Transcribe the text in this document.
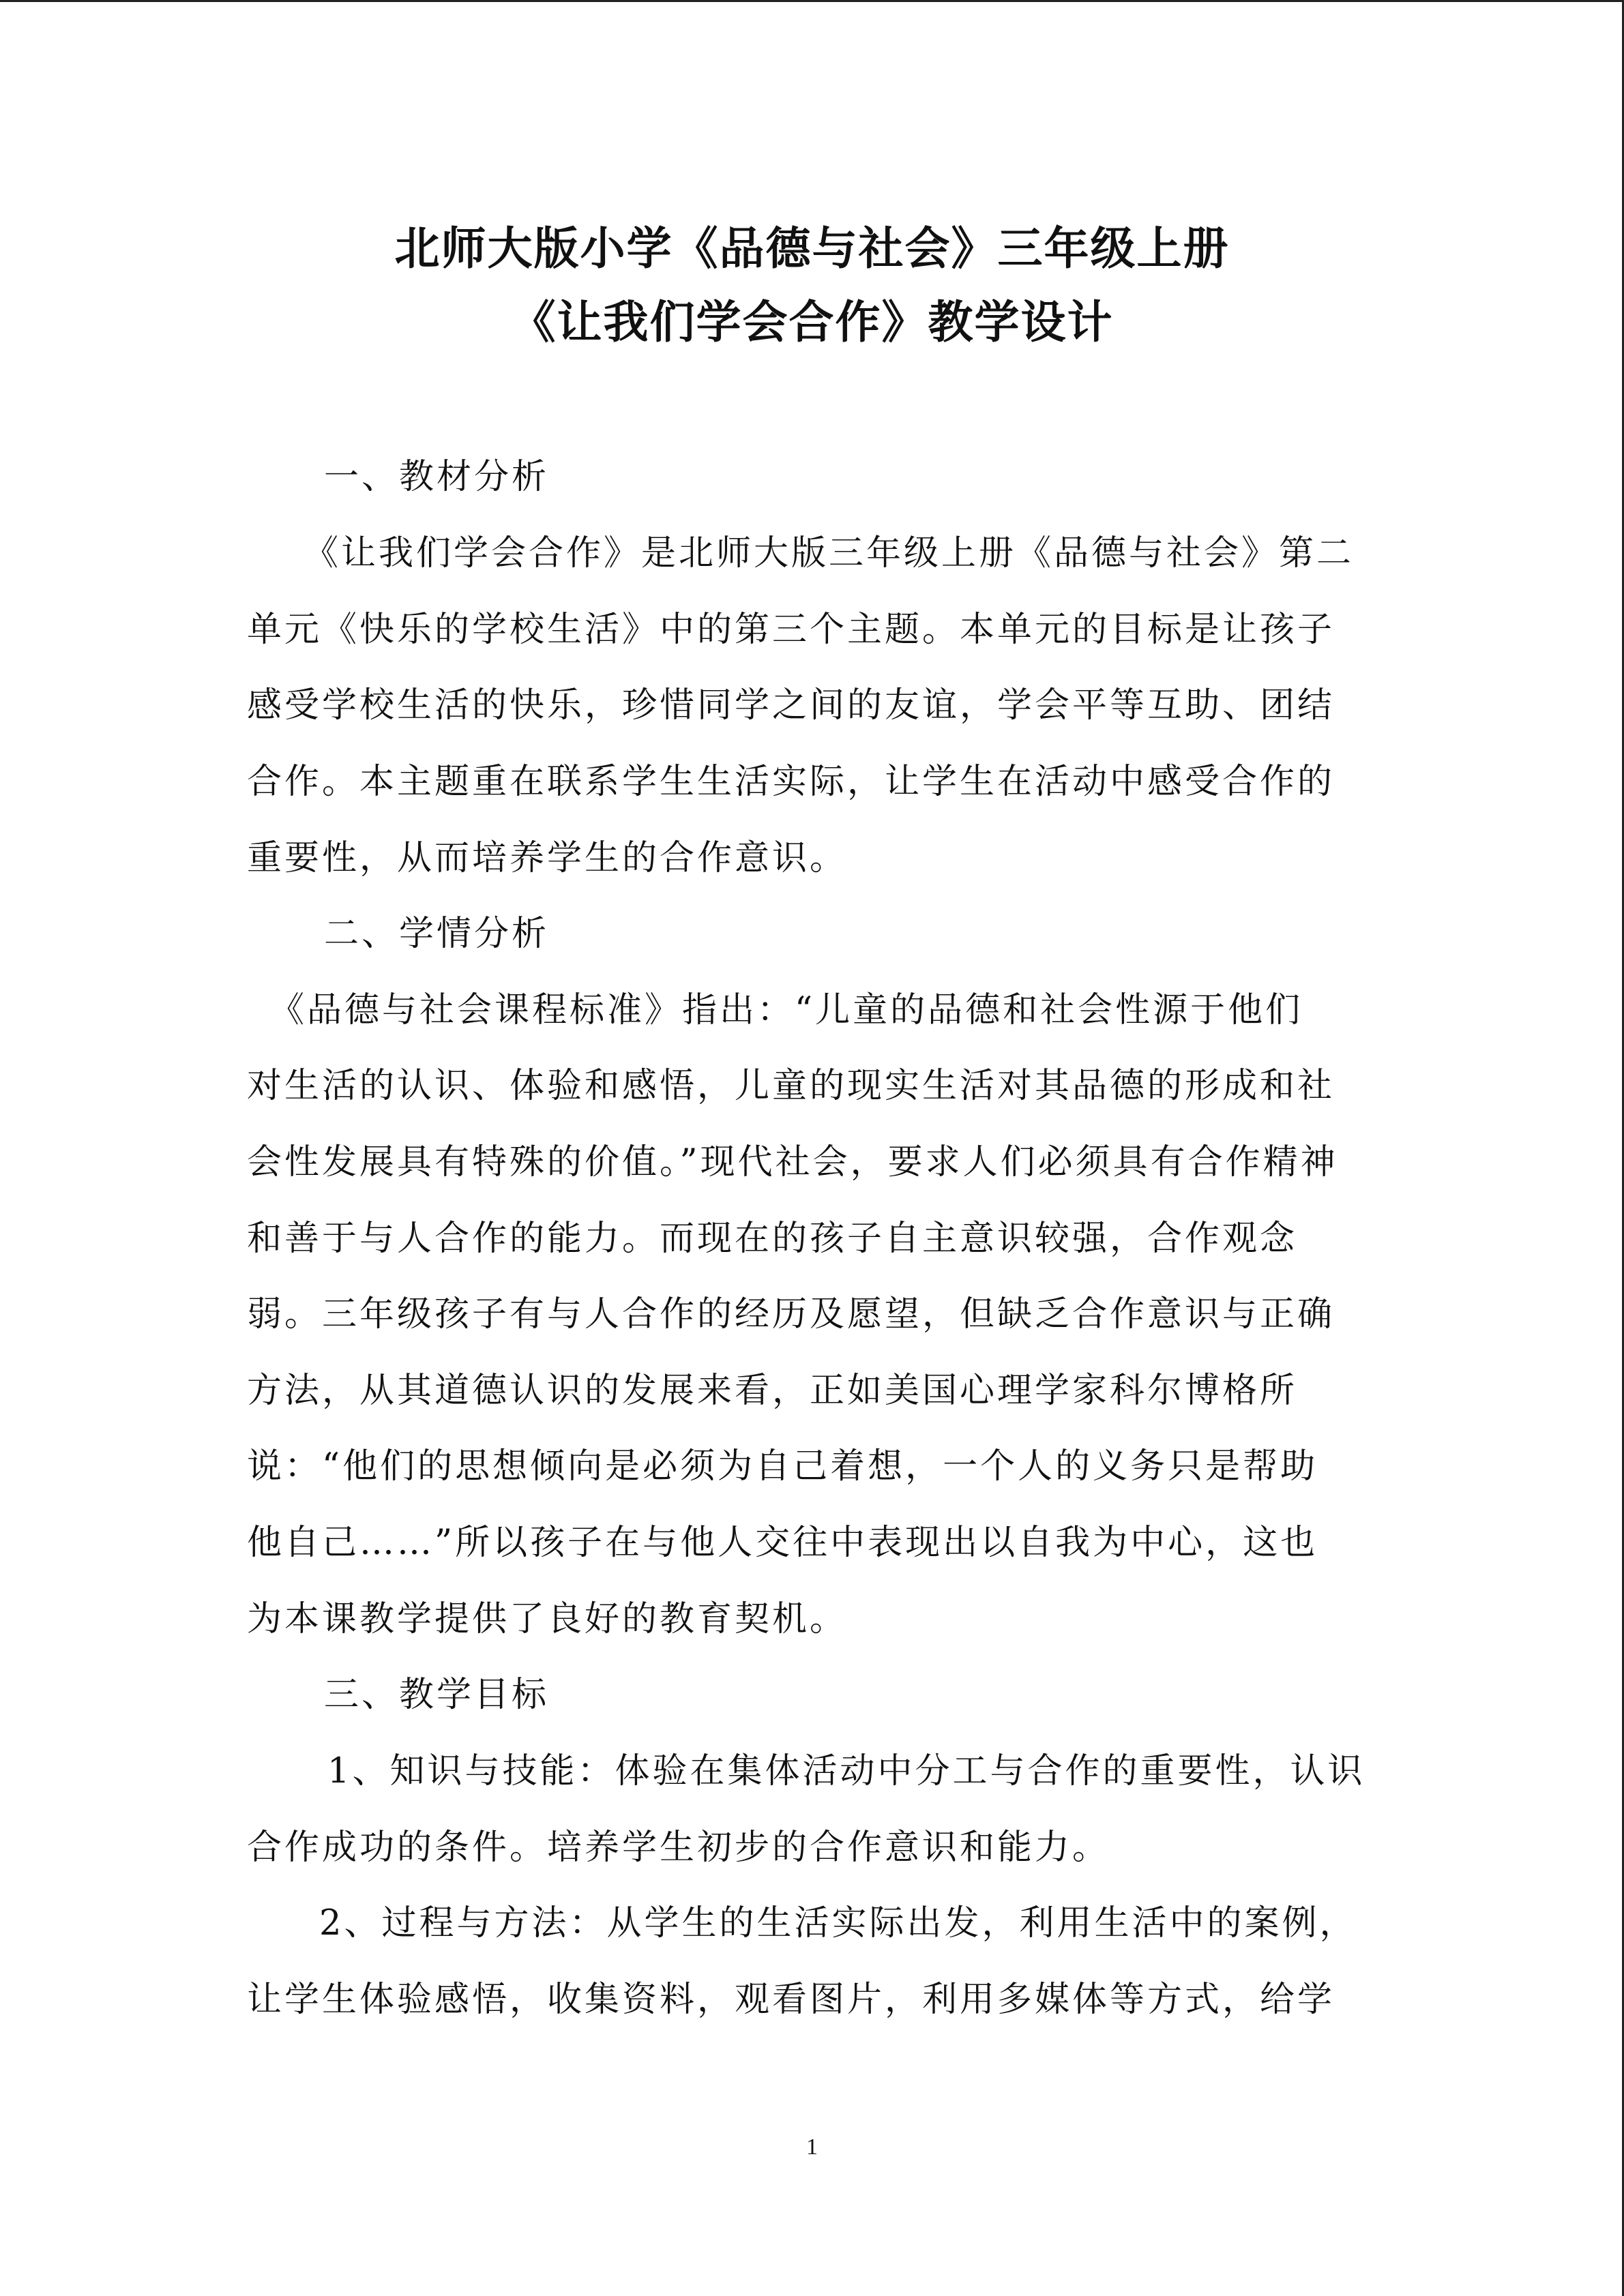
北师大版小学《品德与社会》三年级上册
《让我们学会合作》教学设计
一、教材分析
《让我们学会合作》是北师大版三年级上册《品德与社会》第二
单元《快乐的学校生活》中的第三个主题。本单元的目标是让孩子
感受学校生活的快乐，珍惜同学之间的友谊，学会平等互助、团结
合作。本主题重在联系学生生活实际，让学生在活动中感受合作的
重要性，从而培养学生的合作意识。
二、学情分析
《品德与社会课程标准》指出：“儿童的品德和社会性源于他们
对生活的认识、体验和感悟，儿童的现实生活对其品德的形成和社
会性发展具有特殊的价值。”现代社会，要求人们必须具有合作精神
和善于与人合作的能力。而现在的孩子自主意识较强，合作观念
弱。三年级孩子有与人合作的经历及愿望，但缺乏合作意识与正确
方法，从其道德认识的发展来看，正如美国心理学家科尔博格所
说：“他们的思想倾向是必须为自己着想，一个人的义务只是帮助
他自己……”所以孩子在与他人交往中表现出以自我为中心，这也
为本课教学提供了良好的教育契机。
三、教学目标
1、知识与技能：体验在集体活动中分工与合作的重要性，认识
合作成功的条件。培养学生初步的合作意识和能力。
2、过程与方法：从学生的生活实际出发，利用生活中的案例，
让学生体验感悟，收集资料，观看图片，利用多媒体等方式，给学
1
